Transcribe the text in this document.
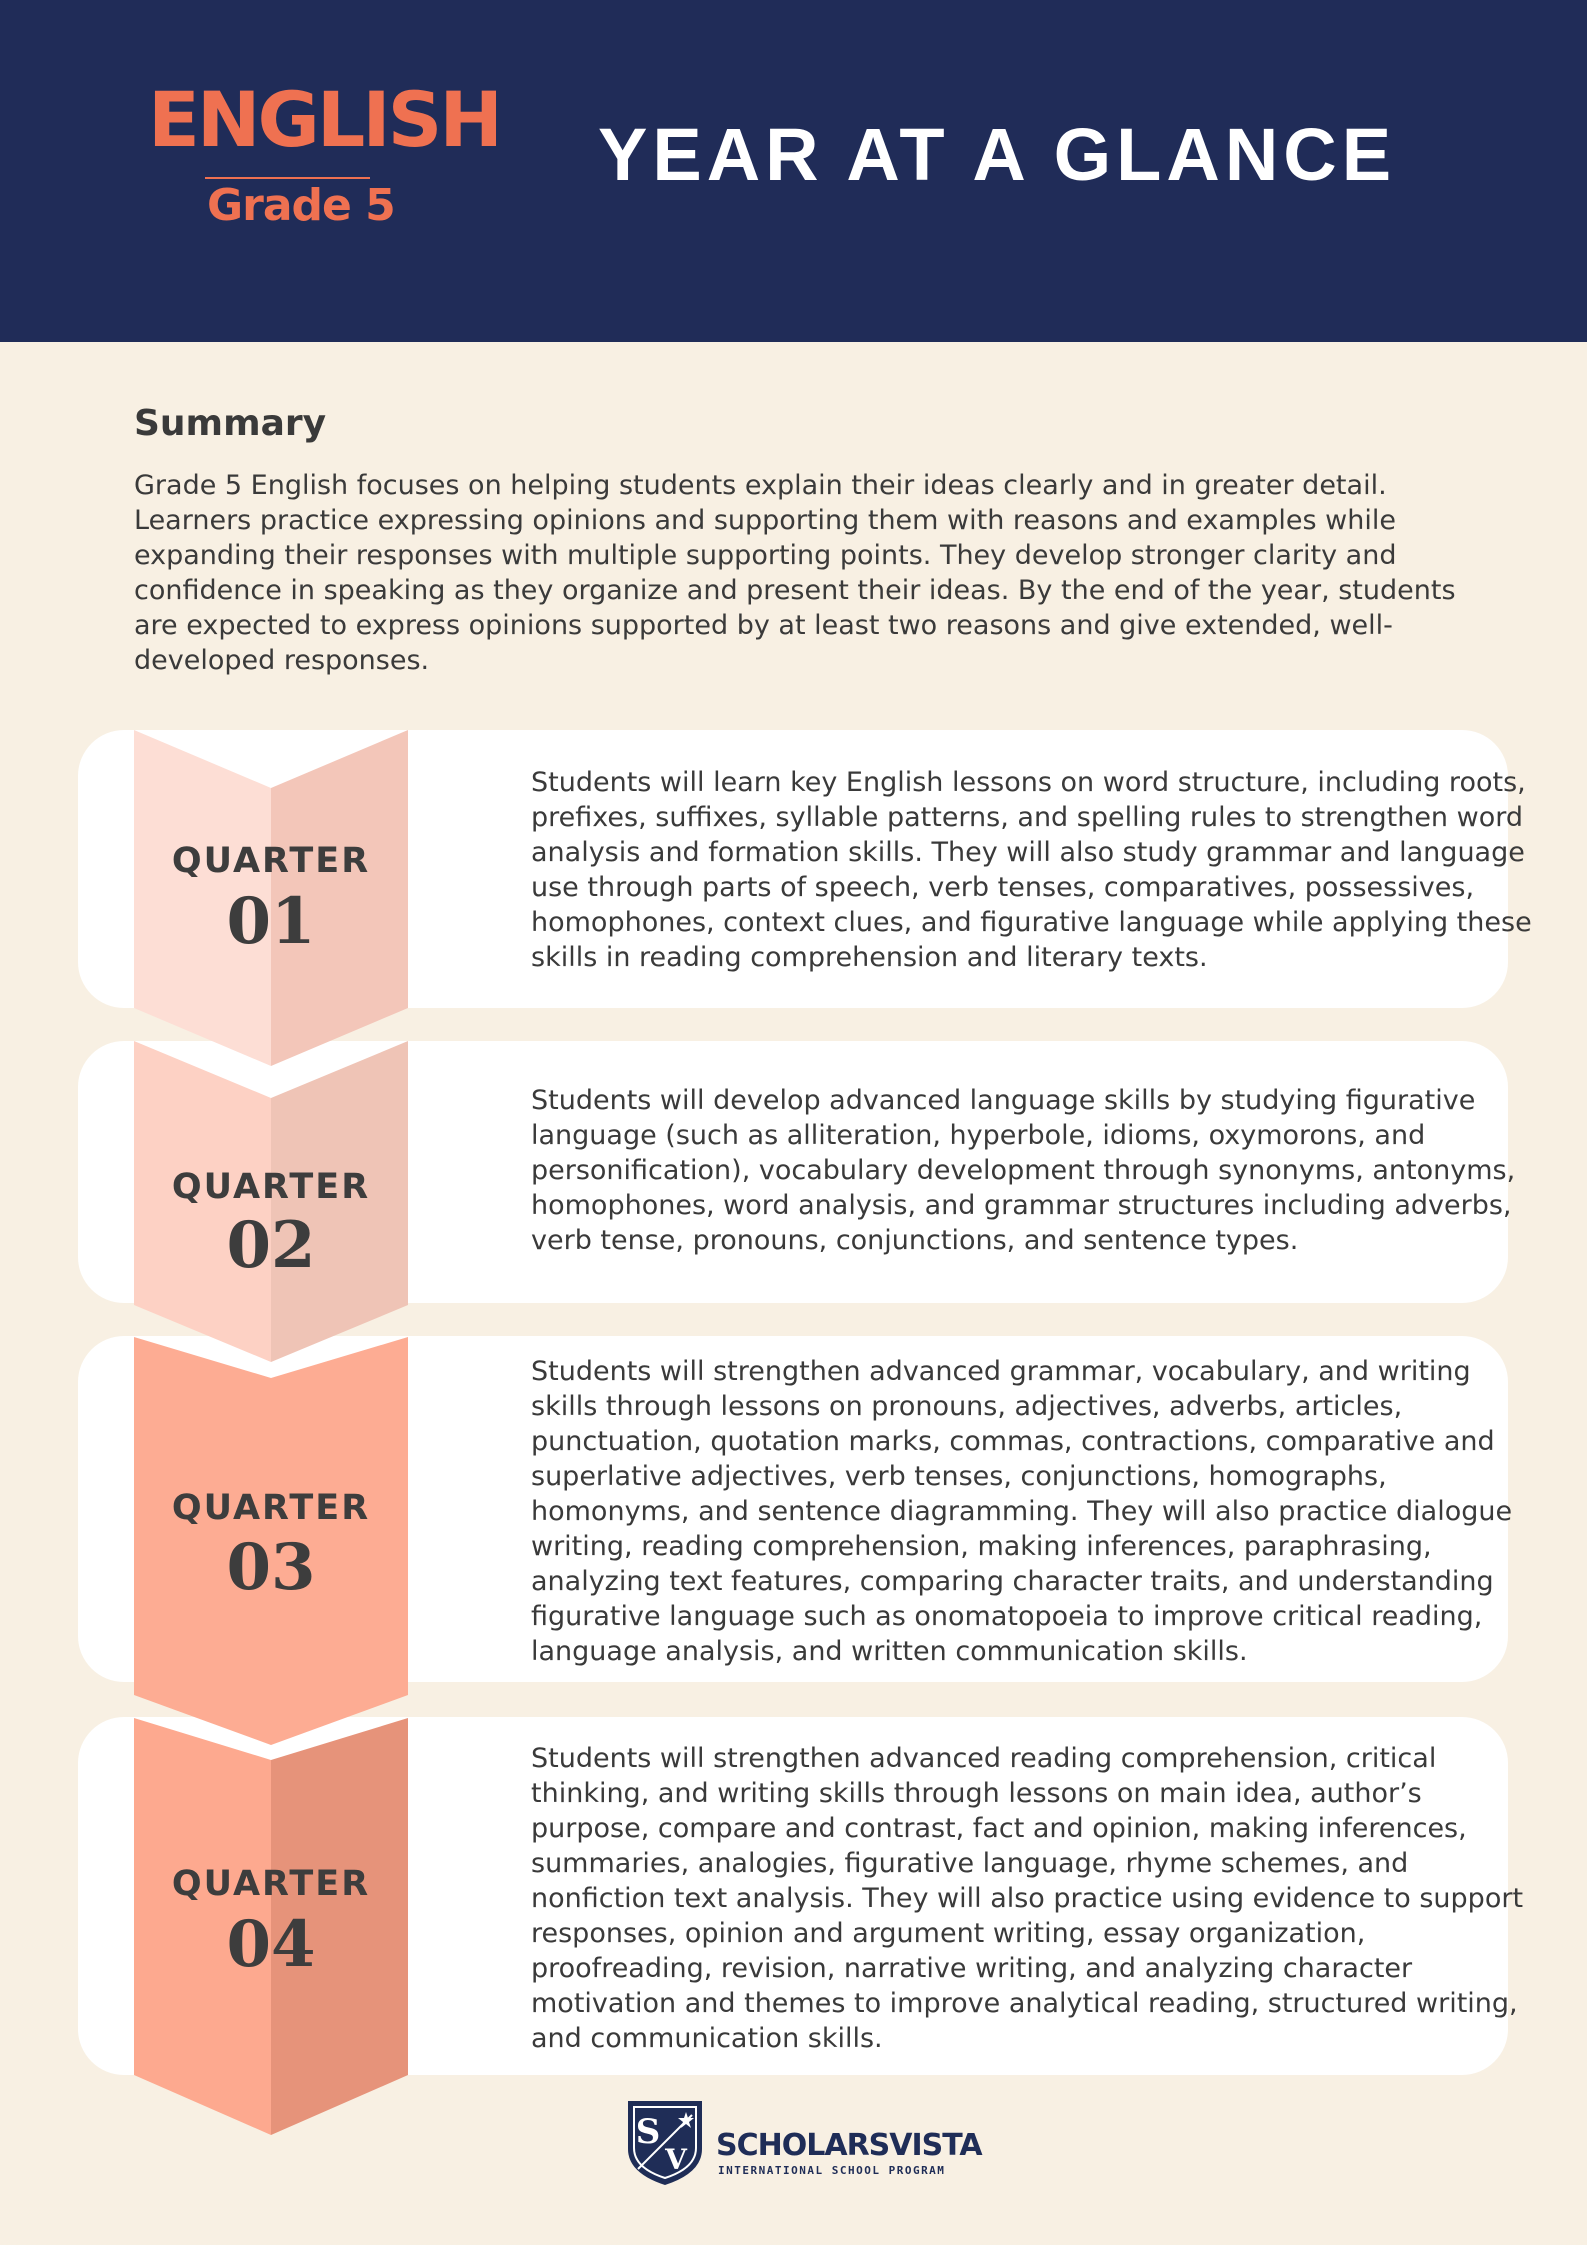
ENGLISH
Grade 5
YEAR AT A GLANCE
Summary
Grade 5 English focuses on helping students explain their ideas clearly and in greater detail.
Learners practice expressing opinions and supporting them with reasons and examples while
expanding their responses with multiple supporting points. They develop stronger clarity and
confidence in speaking as they organize and present their ideas. By the end of the year, students
are expected to express opinions supported by at least two reasons and give extended, well-
developed responses.
Students will learn key English lessons on word structure, including roots,
prefixes, suffixes, syllable patterns, and spelling rules to strengthen word
analysis and formation skills. They will also study grammar and language
use through parts of speech, verb tenses, comparatives, possessives,
homophones, context clues, and figurative language while applying these
skills in reading comprehension and literary texts.
Students will develop advanced language skills by studying figurative
language (such as alliteration, hyperbole, idioms, oxymorons, and
personification), vocabulary development through synonyms, antonyms,
homophones, word analysis, and grammar structures including adverbs,
verb tense, pronouns, conjunctions, and sentence types.
Students will strengthen advanced grammar, vocabulary, and writing
skills through lessons on pronouns, adjectives, adverbs, articles,
punctuation, quotation marks, commas, contractions, comparative and
superlative adjectives, verb tenses, conjunctions, homographs,
homonyms, and sentence diagramming. They will also practice dialogue
writing, reading comprehension, making inferences, paraphrasing,
analyzing text features, comparing character traits, and understanding
figurative language such as onomatopoeia to improve critical reading,
language analysis, and written communication skills.
Students will strengthen advanced reading comprehension, critical
thinking, and writing skills through lessons on main idea, author’s
purpose, compare and contrast, fact and opinion, making inferences,
summaries, analogies, figurative language, rhyme schemes, and
nonfiction text analysis. They will also practice using evidence to support
responses, opinion and argument writing, essay organization,
proofreading, revision, narrative writing, and analyzing character
motivation and themes to improve analytical reading, structured writing,
and communication skills.
QUARTER
01
QUARTER
02
QUARTER
03
QUARTER
04
S
V SCHOLARSVISTA
INTERNATIONAL SCHOOL PROGRAM
